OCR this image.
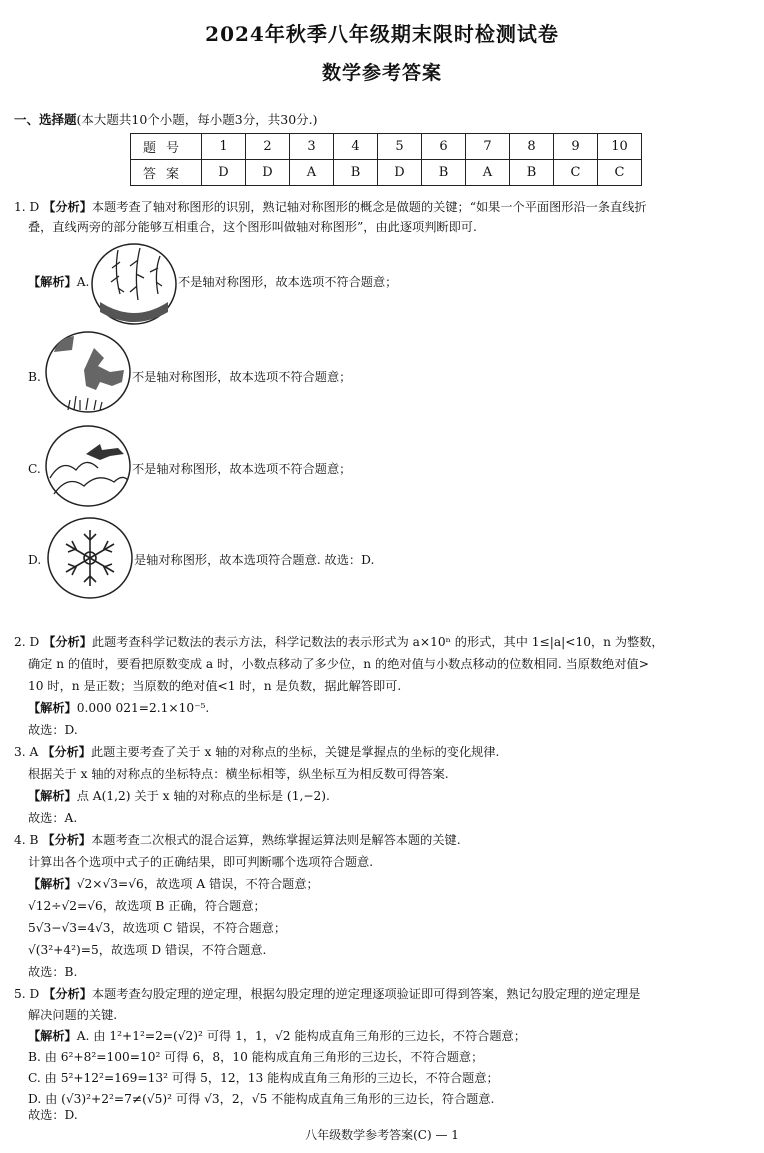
2024年秋季八年级期末限时检测试卷
数学参考答案
一、选择题(本大题共10个小题，每小题3分，共30分.)
题号	1	2	3	4	5	6	7	8	9	10
答案	D	D	A	B	D	B	A	B	C	C
1. D 【分析】本题考查了轴对称图形的识别，熟记轴对称图形的概念是做题的关键；“如果一个平面图形沿一条直线折
叠，直线两旁的部分能够互相重合，这个图形叫做轴对称图形”，由此逐项判断即可.
【解析】A.	不是轴对称图形，故本选项不符合题意；
B.	不是轴对称图形，故本选项不符合题意；
C.	不是轴对称图形，故本选项不符合题意；
D.	是轴对称图形，故本选项符合题意. 故选：D.
2. D 【分析】此题考查科学记数法的表示方法，科学记数法的表示形式为 a×10ⁿ 的形式，其中 1≤|a|<10，n 为整数，
确定 n 的值时，要看把原数变成 a 时，小数点移动了多少位，n 的绝对值与小数点移动的位数相同. 当原数绝对值>
10 时，n 是正数；当原数的绝对值<1 时，n 是负数，据此解答即可.
【解析】0.000 021=2.1×10⁻⁵.
故选：D.
3. A 【分析】此题主要考查了关于 x 轴的对称点的坐标，关键是掌握点的坐标的变化规律.
根据关于 x 轴的对称点的坐标特点：横坐标相等，纵坐标互为相反数可得答案.
【解析】点 A(1,2) 关于 x 轴的对称点的坐标是 (1,−2).
故选：A.
4. B 【分析】本题考查二次根式的混合运算，熟练掌握运算法则是解答本题的关键.
计算出各个选项中式子的正确结果，即可判断哪个选项符合题意.
【解析】√2×√3=√6，故选项 A 错误，不符合题意；
√12÷√2=√6，故选项 B 正确，符合题意；
5√3−√3=4√3，故选项 C 错误，不符合题意；
√(3²+4²)=5，故选项 D 错误，不符合题意.
故选：B.
5. D 【分析】本题考查勾股定理的逆定理，根据勾股定理的逆定理逐项验证即可得到答案，熟记勾股定理的逆定理是
解决问题的关键.
【解析】A. 由 1²+1²=2=(√2)² 可得 1，1，√2 能构成直角三角形的三边长，不符合题意；
B. 由 6²+8²=100=10² 可得 6，8，10 能构成直角三角形的三边长，不符合题意；
C. 由 5²+12²=169=13² 可得 5，12，13 能构成直角三角形的三边长，不符合题意；
D. 由 (√3)²+2²=7≠(√5)² 可得 √3，2，√5 不能构成直角三角形的三边长，符合题意.
故选：D.
八年级数学参考答案(C) — 1
